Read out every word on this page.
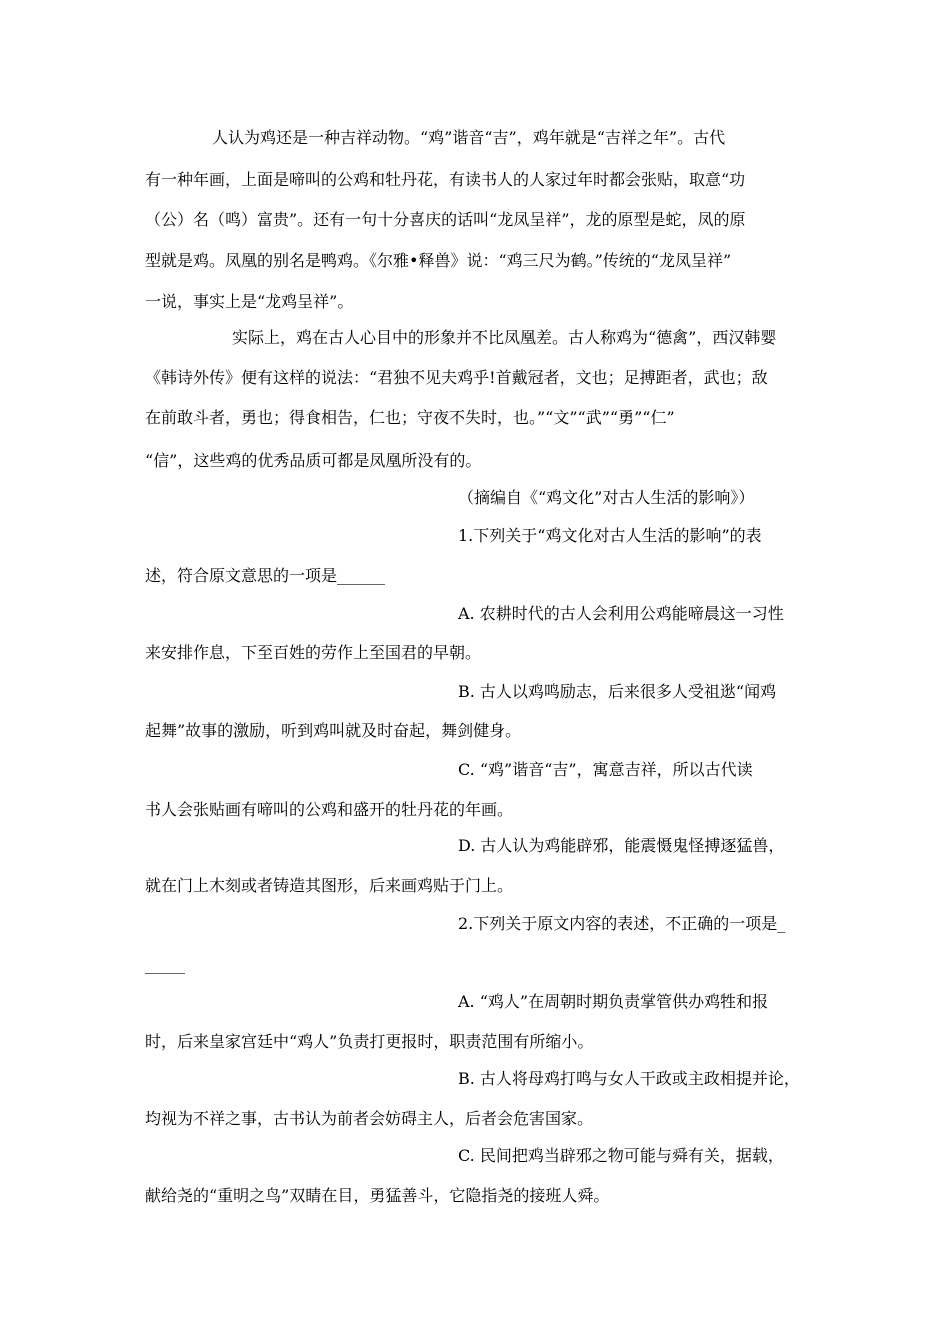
人认为鸡还是一种吉祥动物。“鸡”谐音“吉”，鸡年就是“吉祥之年”。古代
有一种年画，上面是啼叫的公鸡和牡丹花，有读书人的人家过年时都会张贴，取意“功
（公）名（鸣）富贵”。还有一句十分喜庆的话叫“龙凤呈祥”，龙的原型是蛇，凤的原
型就是鸡。凤凰的别名是鸭鸡。《尔雅•释兽》说：“鸡三尺为鹤。”传统的“龙凤呈祥”
一说，事实上是“龙鸡呈祥”。
实际上，鸡在古人心目中的形象并不比凤凰差。古人称鸡为“德禽”，西汉韩婴
《韩诗外传》便有这样的说法：“君独不见夫鸡乎!首戴冠者，文也；足搏距者，武也；敌
在前敢斗者，勇也；得食相告，仁也；守夜不失时，也。”“文”“武”“勇”“仁”
“信”，这些鸡的优秀品质可都是凤凰所没有的。
（摘编自《“鸡文化”对古人生活的影响》）
1.下列关于“鸡文化对古人生活的影响”的表
述，符合原文意思的一项是______
A. 农耕时代的古人会利用公鸡能啼晨这一习性
来安排作息，下至百姓的劳作上至国君的早朝。
B. 古人以鸡鸣励志，后来很多人受祖逖“闻鸡
起舞”故事的激励，听到鸡叫就及时奋起，舞剑健身。
C. “鸡”谐音“吉”，寓意吉祥，所以古代读
书人会张贴画有啼叫的公鸡和盛开的牡丹花的年画。
D. 古人认为鸡能辟邪，能震慑鬼怪搏逐猛兽，
就在门上木刻或者铸造其图形，后来画鸡贴于门上。
2.下列关于原文内容的表述，不正确的一项是_
_____
A. “鸡人”在周朝时期负责掌管供办鸡牲和报
时，后来皇家宫廷中“鸡人”负责打更报时，职责范围有所缩小。
B. 古人将母鸡打鸣与女人干政或主政相提并论，
均视为不祥之事，古书认为前者会妨碍主人，后者会危害国家。
C. 民间把鸡当辟邪之物可能与舜有关，据载，
献给尧的“重明之鸟”双睛在目，勇猛善斗，它隐指尧的接班人舜。
